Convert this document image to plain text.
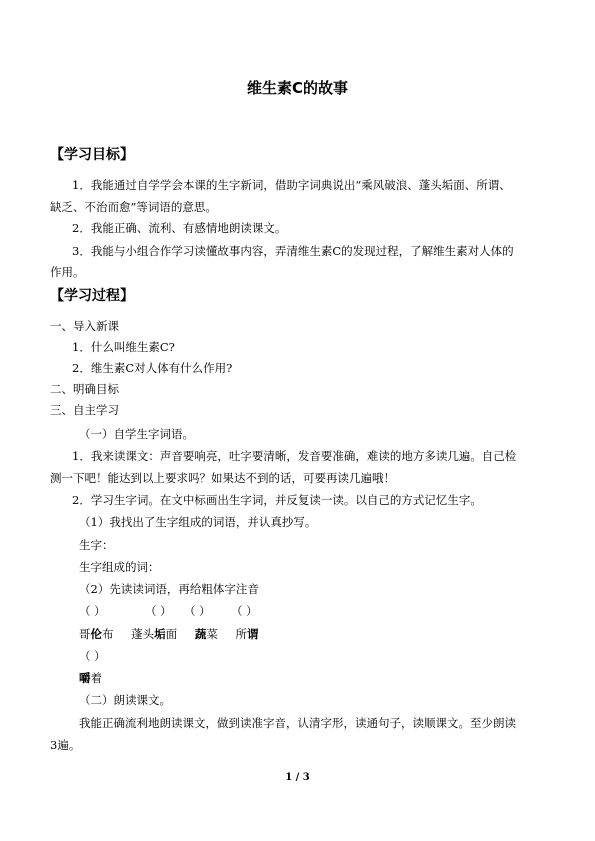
维生素C的故事
【学习目标】
1．我能通过自学学会本课的生字新词，借助字词典说出“乘风破浪、蓬头垢面、所谓、
缺乏、不治而愈”等词语的意思。
2．我能正确、流利、有感情地朗读课文。
3．我能与小组合作学习读懂故事内容，弄清维生素C的发现过程，了解维生素对人体的
作用。
【学习过程】
一、导入新课
1．什么叫维生素C?
2．维生素C对人体有什么作用?
二、明确目标
三、自主学习
（一）自学生字词语。
1．我来读课文：声音要响亮，吐字要清晰，发音要准确，难读的地方多读几遍。自己检
测一下吧！能达到以上要求吗？如果达不到的话，可要再读几遍哦！
2．学习生字词。在文中标画出生字词，并反复读一读。以自己的方式记忆生字。
（1）我找出了生字组成的词语，并认真抄写。
生字：
生字组成的词：
（2）先读读词语，再给粗体字注音
（ ）	（ ） （ ） （ ）
哥伦布 蓬头垢面 蔬菜 所谓
（ ）
嚼着
（二）朗读课文。
我能正确流利地朗读课文，做到读准字音，认清字形，读通句子，读顺课文。至少朗读
3遍。
1 / 3
